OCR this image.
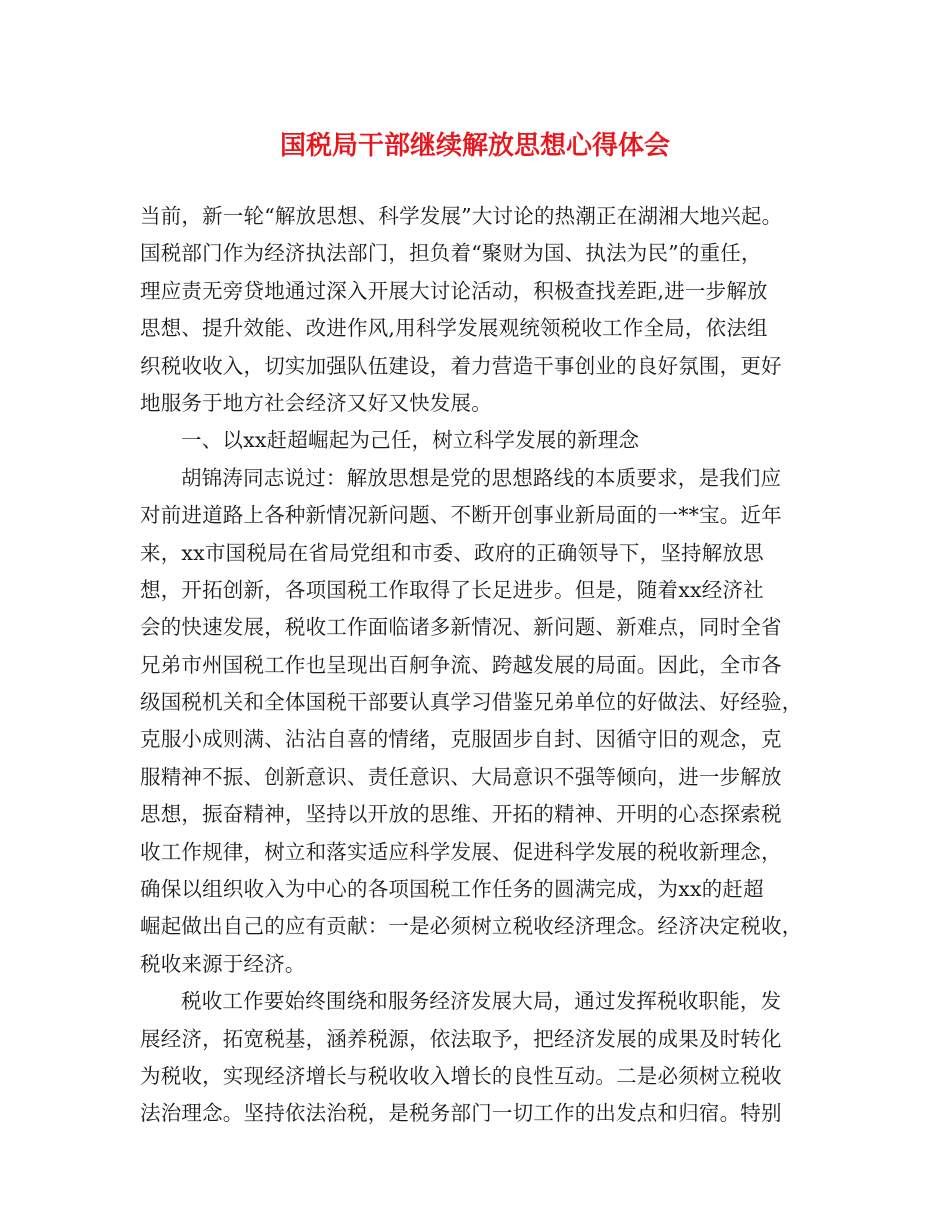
国税局干部继续解放思想心得体会
当前，新一轮“解放思想、科学发展”大讨论的热潮正在湖湘大地兴起。
国税部门作为经济执法部门，担负着“聚财为国、执法为民”的重任，
理应责无旁贷地通过深入开展大讨论活动，积极查找差距,进一步解放
思想、提升效能、改进作风,用科学发展观统领税收工作全局，依法组
织税收收入，切实加强队伍建设，着力营造干事创业的良好氛围，更好
地服务于地方社会经济又好又快发展。
一、以xx赶超崛起为己任，树立科学发展的新理念
胡锦涛同志说过：解放思想是党的思想路线的本质要求，是我们应
对前进道路上各种新情况新问题、不断开创事业新局面的一**宝。近年
来，xx市国税局在省局党组和市委、政府的正确领导下，坚持解放思
想，开拓创新，各项国税工作取得了长足进步。但是，随着xx经济社
会的快速发展，税收工作面临诸多新情况、新问题、新难点，同时全省
兄弟市州国税工作也呈现出百舸争流、跨越发展的局面。因此，全市各
级国税机关和全体国税干部要认真学习借鉴兄弟单位的好做法、好经验，
克服小成则满、沾沾自喜的情绪，克服固步自封、因循守旧的观念，克
服精神不振、创新意识、责任意识、大局意识不强等倾向，进一步解放
思想，振奋精神，坚持以开放的思维、开拓的精神、开明的心态探索税
收工作规律，树立和落实适应科学发展、促进科学发展的税收新理念，
确保以组织收入为中心的各项国税工作任务的圆满完成，为xx的赶超
崛起做出自己的应有贡献：一是必须树立税收经济理念。经济决定税收，
税收来源于经济。
税收工作要始终围绕和服务经济发展大局，通过发挥税收职能，发
展经济，拓宽税基，涵养税源，依法取予，把经济发展的成果及时转化
为税收，实现经济增长与税收收入增长的良性互动。二是必须树立税收
法治理念。坚持依法治税，是税务部门一切工作的出发点和归宿。特别
